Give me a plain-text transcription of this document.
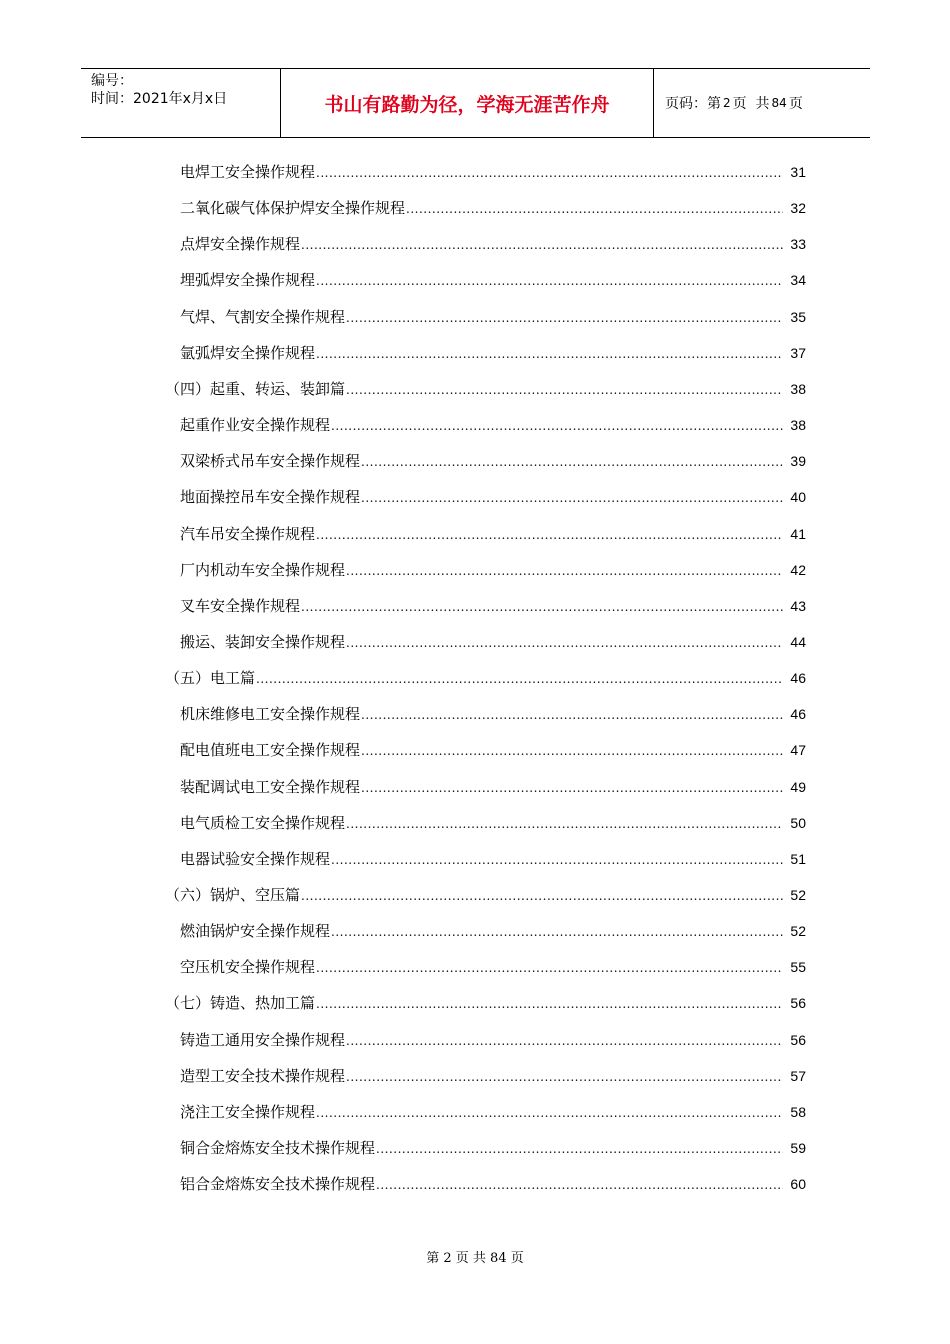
编号：
时间：2021年x月x日	书山有路勤为径，学海无涯苦作舟	页码：第 2 页  共 84 页
电焊工安全操作规程 .....	31
二氧化碳气体保护焊安全操作规程 .....	32
点焊安全操作规程 .....	33
埋弧焊安全操作规程 .....	34
气焊、气割安全操作规程 .....	35
氩弧焊安全操作规程 .....	37
（四）起重、转运、装卸篇 .....	38
起重作业安全操作规程 .....	38
双梁桥式吊车安全操作规程 .....	39
地面操控吊车安全操作规程 .....	40
汽车吊安全操作规程 .....	41
厂内机动车安全操作规程 .....	42
叉车安全操作规程 .....	43
搬运、装卸安全操作规程 .....	44
（五）电工篇 .....	46
机床维修电工安全操作规程 .....	46
配电值班电工安全操作规程 .....	47
装配调试电工安全操作规程 .....	49
电气质检工安全操作规程 .....	50
电器试验安全操作规程 .....	51
（六）锅炉、空压篇 .....	52
燃油锅炉安全操作规程 .....	52
空压机安全操作规程 .....	55
（七）铸造、热加工篇 .....	56
铸造工通用安全操作规程 .....	56
造型工安全技术操作规程 .....	57
浇注工安全操作规程 .....	58
铜合金熔炼安全技术操作规程 .....	59
铝合金熔炼安全技术操作规程 .....	60
第 2 页 共 84 页
